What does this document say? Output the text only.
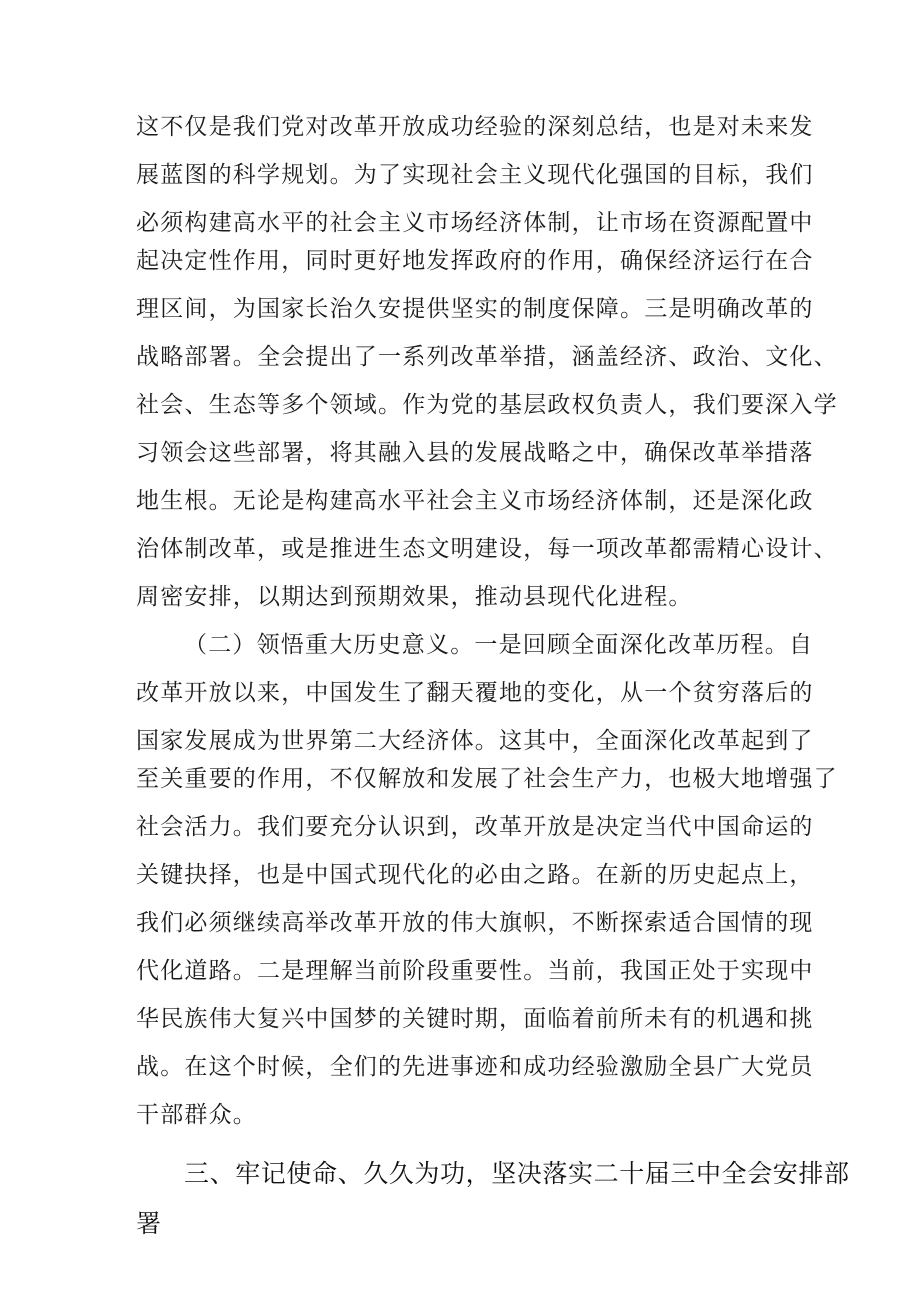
这不仅是我们党对改革开放成功经验的深刻总结，也是对未来发
展蓝图的科学规划。为了实现社会主义现代化强国的目标，我们
必须构建高水平的社会主义市场经济体制，让市场在资源配置中
起决定性作用，同时更好地发挥政府的作用，确保经济运行在合
理区间，为国家长治久安提供坚实的制度保障。三是明确改革的
战略部署。全会提出了一系列改革举措，涵盖经济、政治、文化、
社会、生态等多个领域。作为党的基层政权负责人，我们要深入学
习领会这些部署，将其融入县的发展战略之中，确保改革举措落
地生根。无论是构建高水平社会主义市场经济体制，还是深化政
治体制改革，或是推进生态文明建设，每一项改革都需精心设计、
周密安排，以期达到预期效果，推动县现代化进程。
（二）领悟重大历史意义。一是回顾全面深化改革历程。自
改革开放以来，中国发生了翻天覆地的变化，从一个贫穷落后的
国家发展成为世界第二大经济体。这其中，全面深化改革起到了
至关重要的作用，不仅解放和发展了社会生产力，也极大地增强了
社会活力。我们要充分认识到，改革开放是决定当代中国命运的
关键抉择，也是中国式现代化的必由之路。在新的历史起点上，
我们必须继续高举改革开放的伟大旗帜，不断探索适合国情的现
代化道路。二是理解当前阶段重要性。当前，我国正处于实现中
华民族伟大复兴中国梦的关键时期，面临着前所未有的机遇和挑
战。在这个时候，全们的先进事迹和成功经验激励全县广大党员
干部群众。
三、牢记使命、久久为功，坚决落实二十届三中全会安排部
署
